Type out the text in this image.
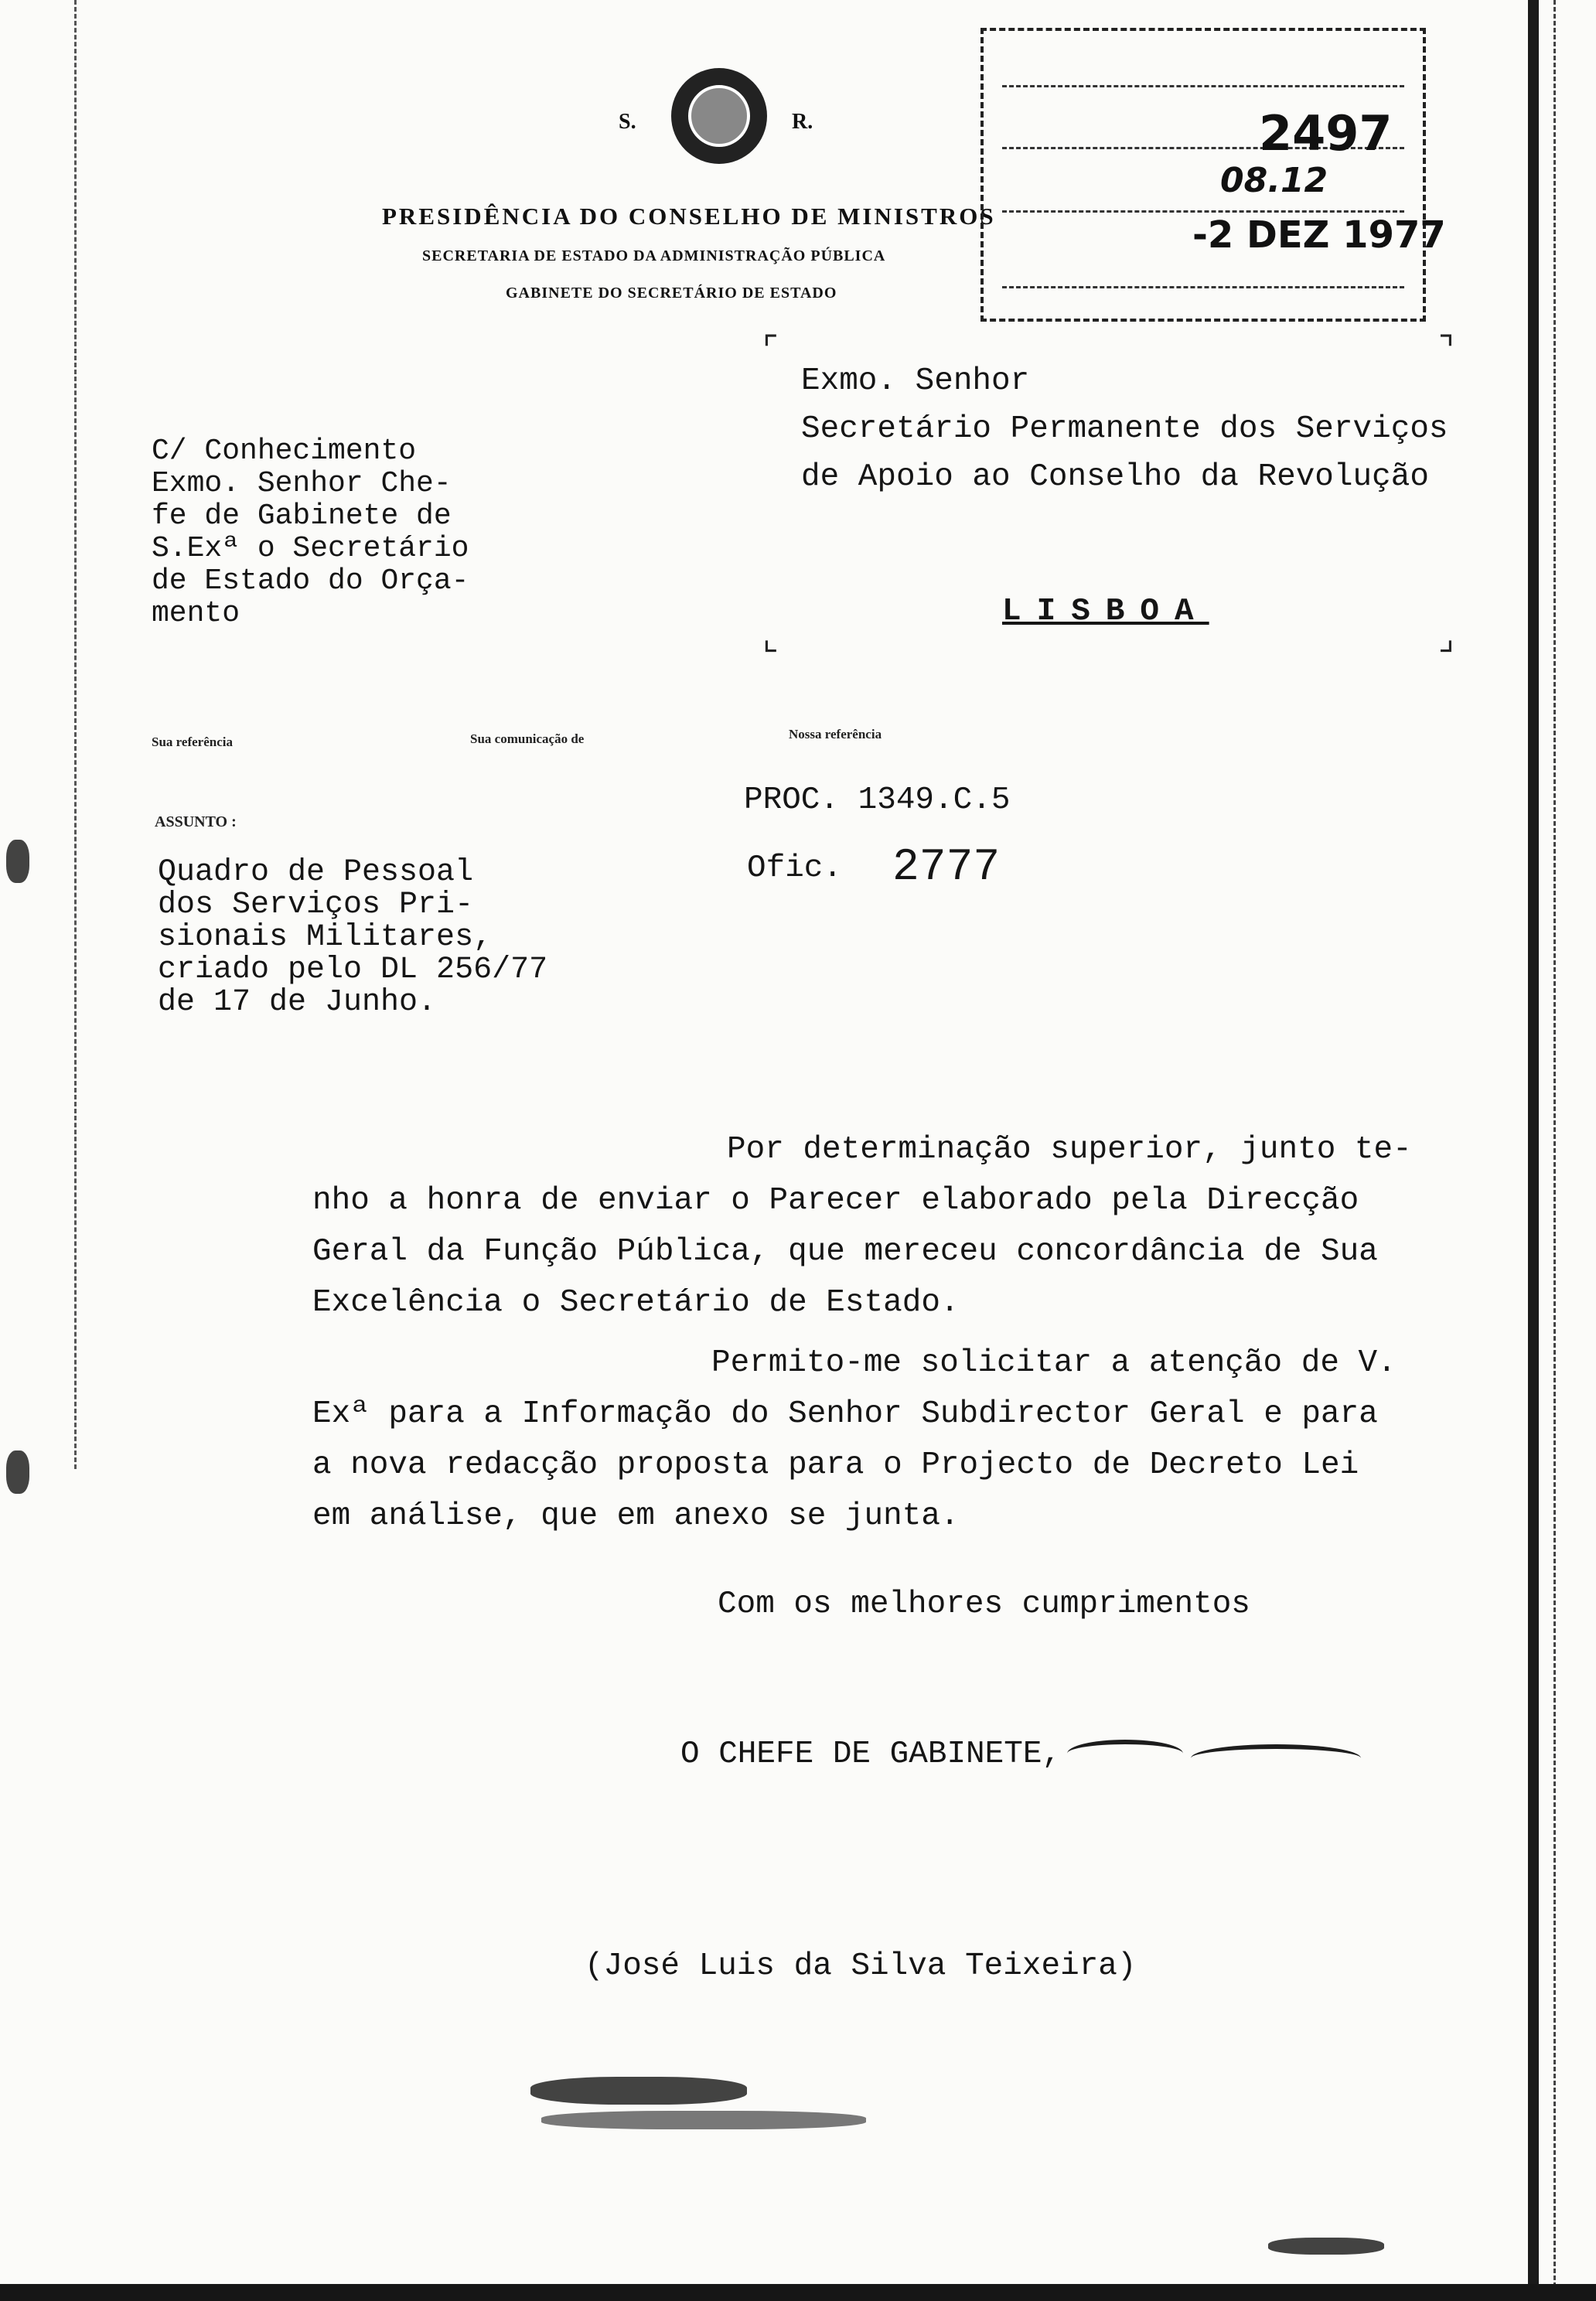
S.	R.
PRESIDÊNCIA DO CONSELHO DE MINISTROS
SECRETARIA DE ESTADO DA ADMINISTRAÇÃO PÚBLICA
GABINETE DO SECRETÁRIO DE ESTADO
2497
08.12
-2 DEZ 1977
⌜	⌝
Exmo. Senhor
Secretário Permanente dos Serviços
de Apoio ao Conselho da Revolução
LISBOA
⌞	⌟
C/ Conhecimento
Exmo. Senhor Che-
fe de Gabinete de
S.Exª o Secretário
de Estado do Orça-
mento
Sua referência	Sua comunicação de	Nossa referência
ASSUNTO :
PROC. 1349.C.5
Ofic. 2777
Quadro de Pessoal
dos Serviços Pri-
sionais Militares,
criado pelo DL 256/77
de 17 de Junho.
Por determinação superior, junto te-
nho a honra de enviar o Parecer elaborado pela Direcção
Geral da Função Pública, que mereceu concordância de Sua
Excelência o Secretário de Estado.
Permito-me solicitar a atenção de V.
Exª para a Informação do Senhor Subdirector Geral e para
a nova redacção proposta para o Projecto de Decreto Lei
em análise, que em anexo se junta.
Com os melhores cumprimentos
O CHEFE DE GABINETE,
(José Luis da Silva Teixeira)
